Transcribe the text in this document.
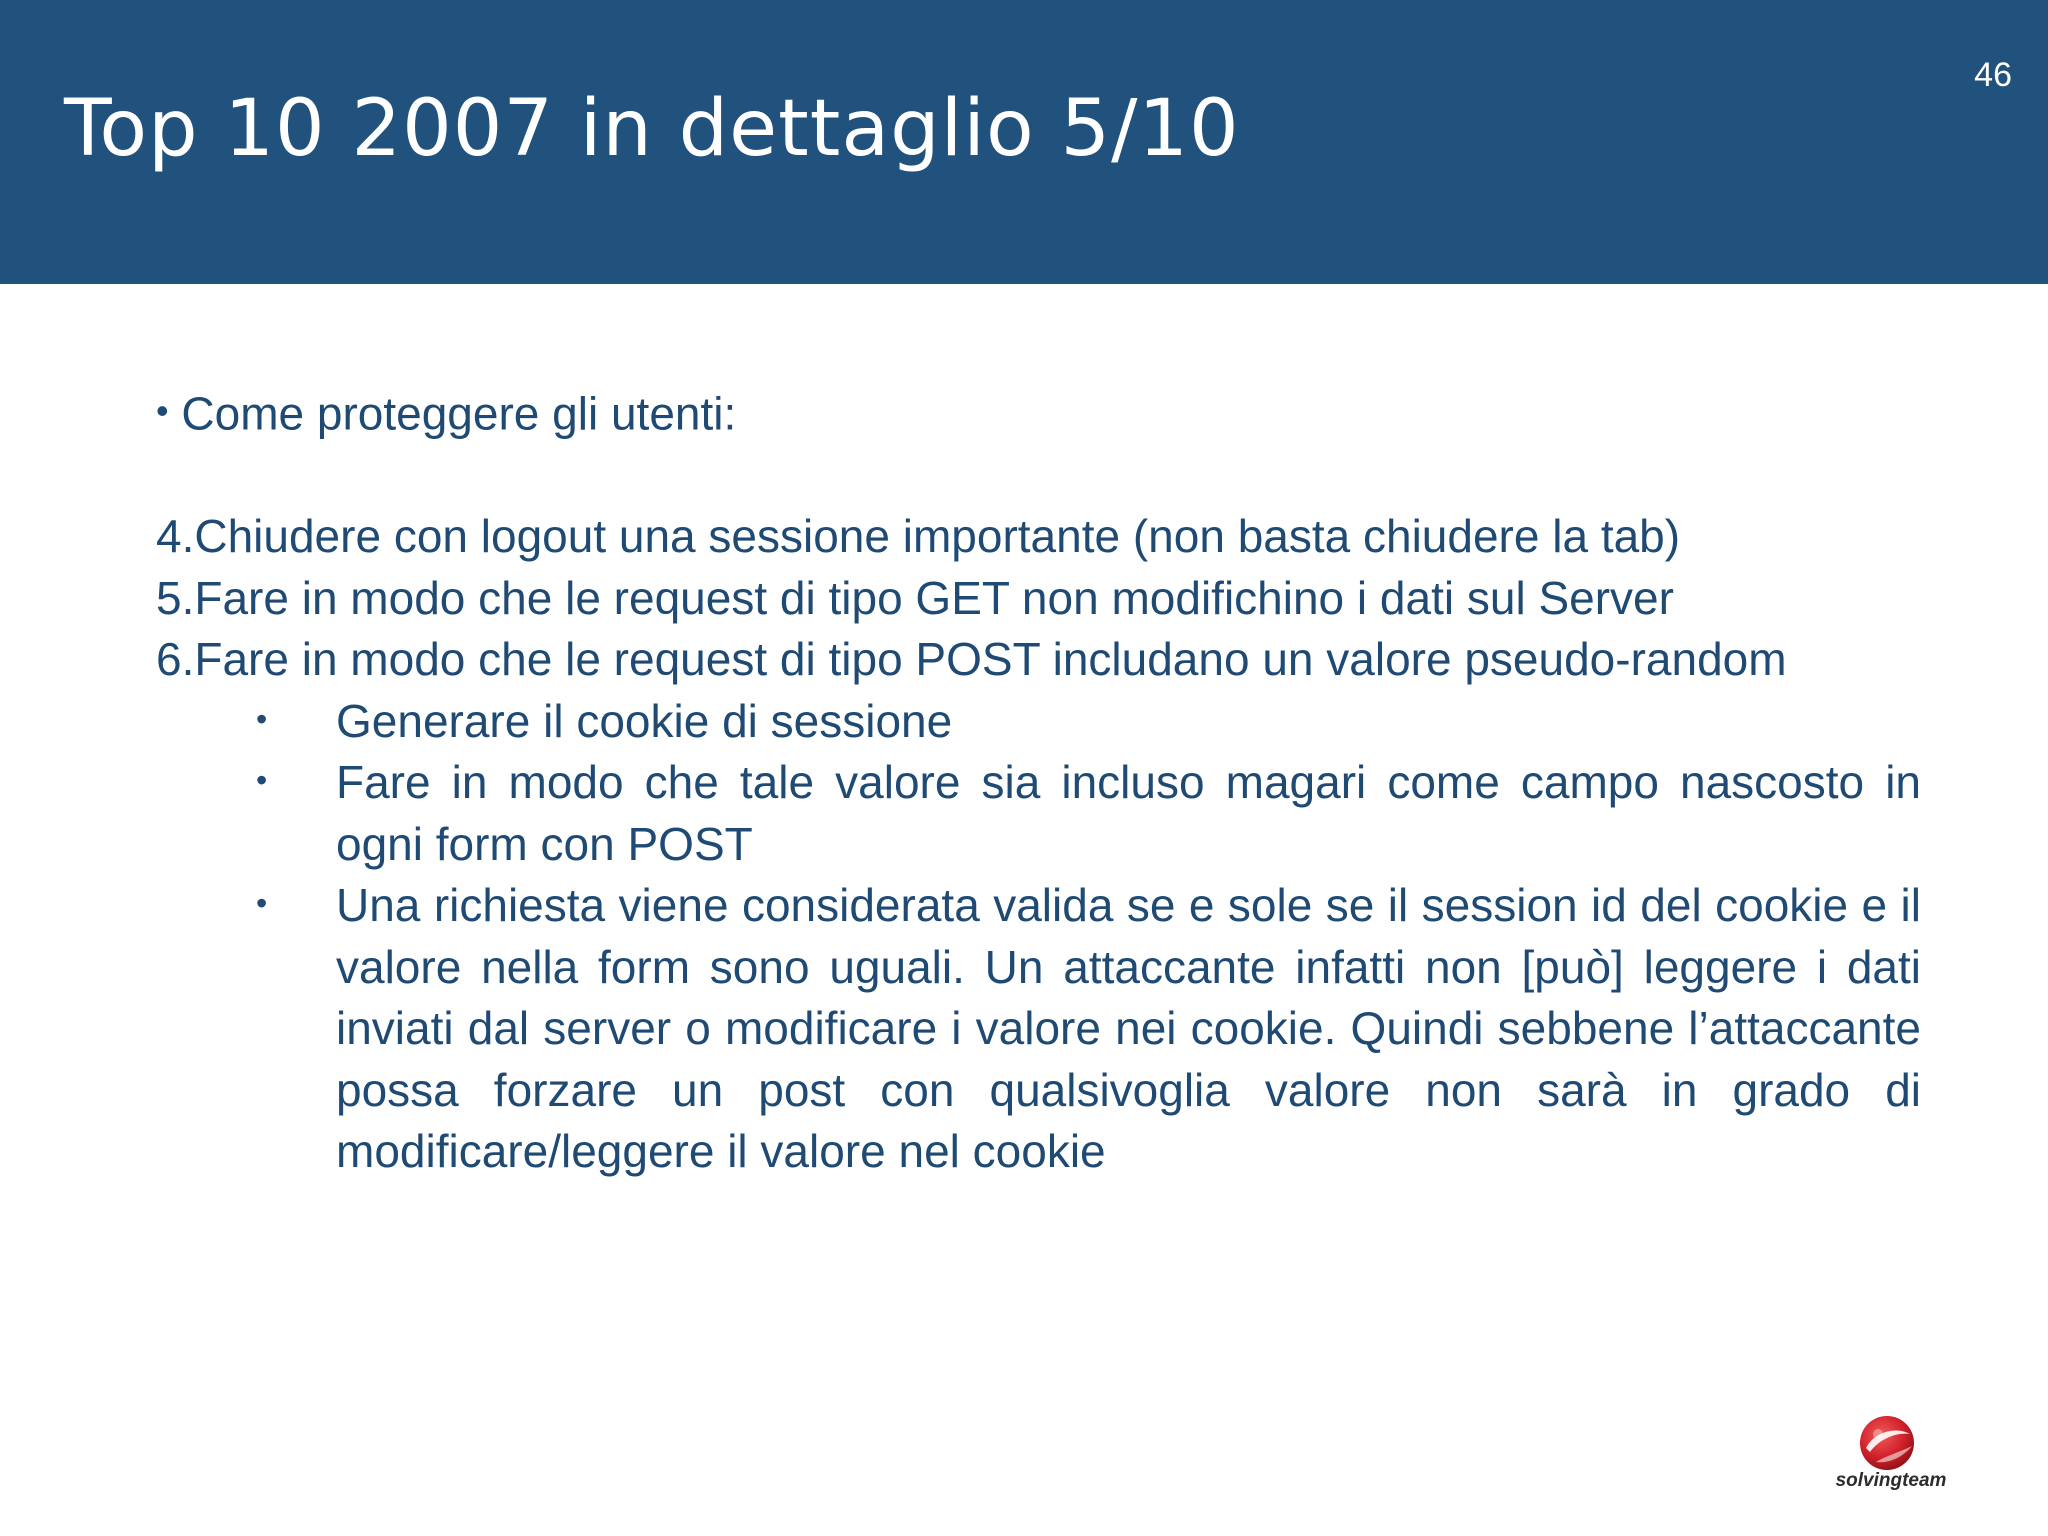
Top 10 2007 in dettaglio 5/10
46

• Come proteggere gli utenti:

4.Chiudere con logout una sessione importante (non basta chiudere la tab)
5.Fare in modo che le request di tipo GET non modifichino i dati sul Server
6.Fare in modo che le request di tipo POST includano un valore pseudo-random
• Generare il cookie di sessione
• Fare in modo che tale valore sia incluso magari come campo nascosto in ogni form con POST
• Una richiesta viene considerata valida se e sole se il session id del cookie e il valore nella form sono uguali. Un attaccante infatti non [può] leggere i dati inviati dal server o modificare i valore nei cookie. Quindi sebbene l’attaccante possa forzare un post con qualsivoglia valore non sarà in grado di modificare/leggere il valore nel cookie
solvingteam
